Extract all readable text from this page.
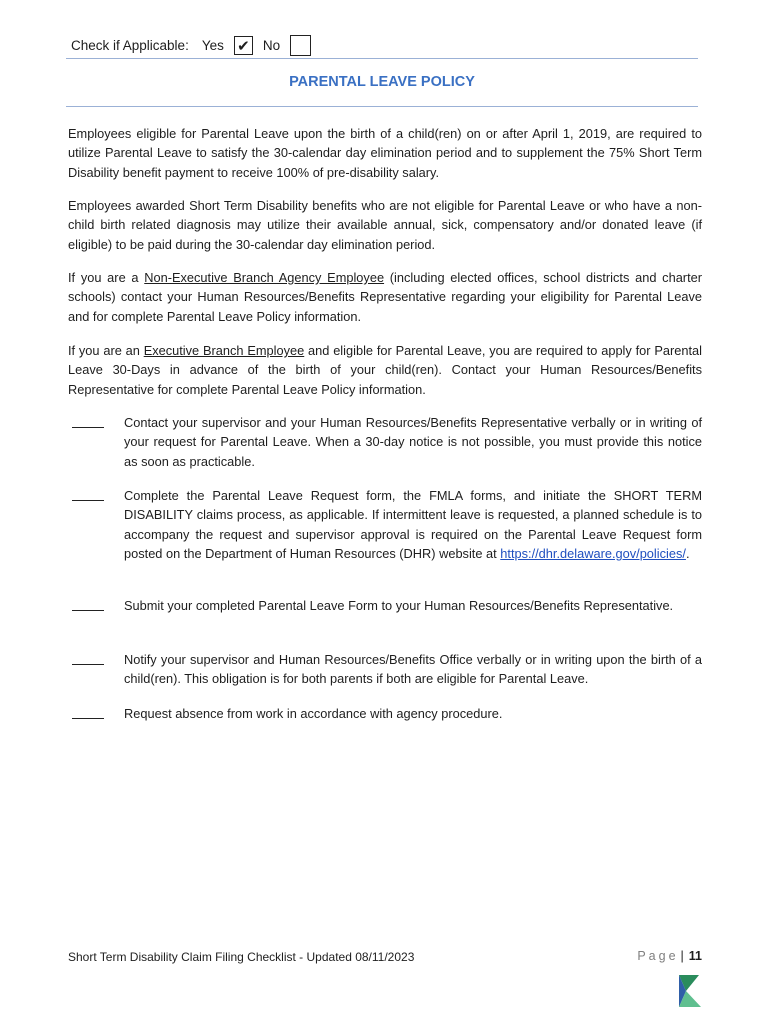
Check if Applicable: Yes ✔ No
PARENTAL LEAVE POLICY
Employees eligible for Parental Leave upon the birth of a child(ren) on or after April 1, 2019, are required to utilize Parental Leave to satisfy the 30-calendar day elimination period and to supplement the 75% Short Term Disability benefit payment to receive 100% of pre-disability salary.
Employees awarded Short Term Disability benefits who are not eligible for Parental Leave or who have a non-child birth related diagnosis may utilize their available annual, sick, compensatory and/or donated leave (if eligible) to be paid during the 30-calendar day elimination period.
If you are a Non-Executive Branch Agency Employee (including elected offices, school districts and charter schools) contact your Human Resources/Benefits Representative regarding your eligibility for Parental Leave and for complete Parental Leave Policy information.
If you are an Executive Branch Employee and eligible for Parental Leave, you are required to apply for Parental Leave 30-Days in advance of the birth of your child(ren). Contact your Human Resources/Benefits Representative for complete Parental Leave Policy information.
Contact your supervisor and your Human Resources/Benefits Representative verbally or in writing of your request for Parental Leave. When a 30-day notice is not possible, you must provide this notice as soon as practicable.
Complete the Parental Leave Request form, the FMLA forms, and initiate the SHORT TERM DISABILITY claims process, as applicable. If intermittent leave is requested, a planned schedule is to accompany the request and supervisor approval is required on the Parental Leave Request form posted on the Department of Human Resources (DHR) website at https://dhr.delaware.gov/policies/.
Submit your completed Parental Leave Form to your Human Resources/Benefits Representative.
Notify your supervisor and Human Resources/Benefits Office verbally or in writing upon the birth of a child(ren). This obligation is for both parents if both are eligible for Parental Leave.
Request absence from work in accordance with agency procedure.
Short Term Disability Claim Filing Checklist - Updated 08/11/2023	Page | 11
